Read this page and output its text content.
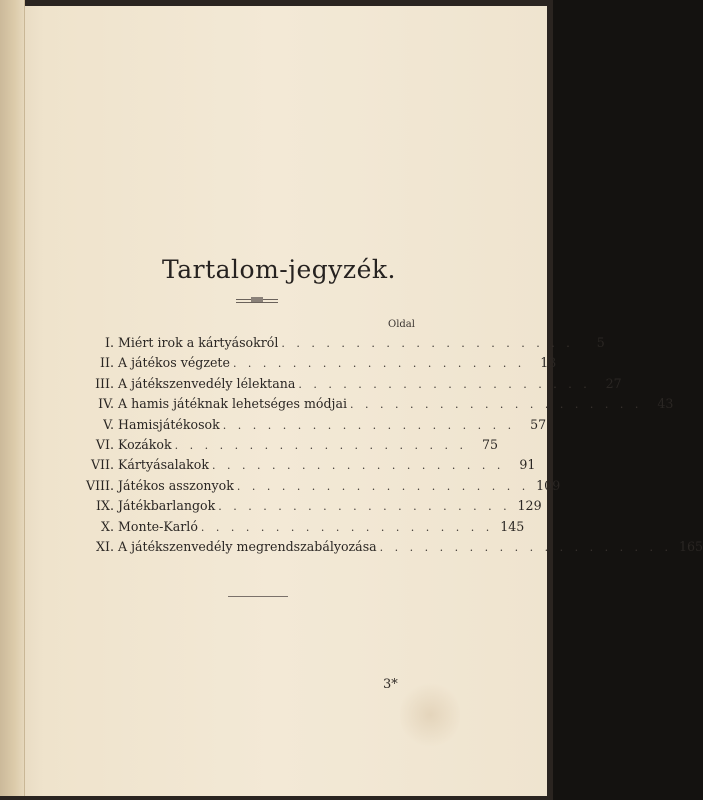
Tartalom-jegyzék.
Oldal
I. Miért irok a kártyásokról . . . . . . . . . . . . . . . . . . . .	5
II. A játékos végzete . . . . . . . . . . . . . . . . . . . .	13
III. A játékszenvedély lélektana . . . . . . . . . . . . . . . . . . . .	27
IV. A hamis játéknak lehetséges módjai . . . . . . . . . . . . . . . . . . . .	43
V. Hamisjátékosok . . . . . . . . . . . . . . . . . . . .	57
VI. Kozákok . . . . . . . . . . . . . . . . . . . .	75
VII. Kártyásalakok . . . . . . . . . . . . . . . . . . . .	91
VIII. Játékos asszonyok . . . . . . . . . . . . . . . . . . . . 109
IX. Játékbarlangok . . . . . . . . . . . . . . . . . . . . 129
X. Monte-Karló . . . . . . . . . . . . . . . . . . . . 145
XI. A játékszenvedély megrendszabályozása . . . . . . . . . . . . . . . . . . . . 165
3*
